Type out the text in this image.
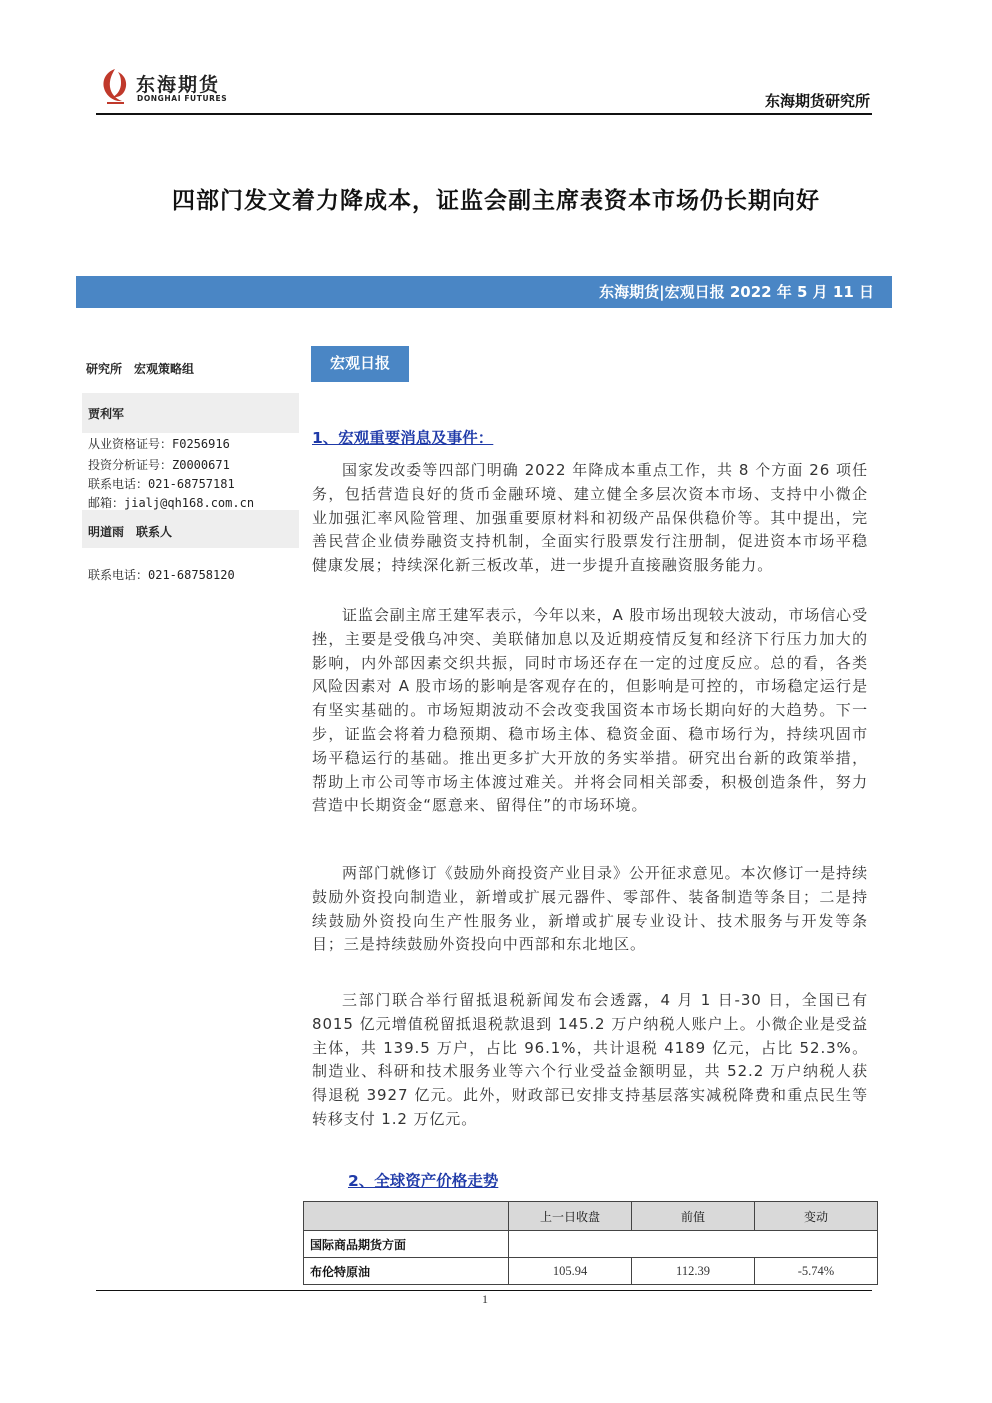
东海期货
DONGHAI FUTURES	东海期货研究所
四部门发文着力降成本，证监会副主席表资本市场仍长期向好
东海期货|宏观日报 2022 年 5 月 11 日
研究所　宏观策略组
贾利军
从业资格证号：F0256916
投资分析证号：Z0000671
联系电话：021-68757181
邮箱：jialj@qh168.com.cn
明道雨　联系人
联系电话：021-68758120
宏观日报
1、宏观重要消息及事件：

国家发改委等四部门明确 2022 年降成本重点工作，共 8 个方面 26 项任务，包括营造良好的货币金融环境、建立健全多层次资本市场、支持中小微企业加强汇率风险管理、加强重要原材料和初级产品保供稳价等。其中提出，完善民营企业债券融资支持机制，全面实行股票发行注册制，促进资本市场平稳健康发展；持续深化新三板改革，进一步提升直接融资服务能力。

证监会副主席王建军表示，今年以来，A 股市场出现较大波动，市场信心受挫，主要是受俄乌冲突、美联储加息以及近期疫情反复和经济下行压力加大的影响，内外部因素交织共振，同时市场还存在一定的过度反应。总的看，各类风险因素对 A 股市场的影响是客观存在的，但影响是可控的，市场稳定运行是有坚实基础的。市场短期波动不会改变我国资本市场长期向好的大趋势。下一步，证监会将着力稳预期、稳市场主体、稳资金面、稳市场行为，持续巩固市场平稳运行的基础。推出更多扩大开放的务实举措。研究出台新的政策举措，帮助上市公司等市场主体渡过难关。并将会同相关部委，积极创造条件，努力营造中长期资金“愿意来、留得住”的市场环境。

两部门就修订《鼓励外商投资产业目录》公开征求意见。本次修订一是持续鼓励外资投向制造业，新增或扩展元器件、零部件、装备制造等条目；二是持续鼓励外资投向生产性服务业，新增或扩展专业设计、技术服务与开发等条目；三是持续鼓励外资投向中西部和东北地区。

三部门联合举行留抵退税新闻发布会透露，4 月 1 日-30 日，全国已有 8015 亿元增值税留抵退税款退到 145.2 万户纳税人账户上。小微企业是受益主体，共 139.5 万户，占比 96.1%，共计退税 4189 亿元，占比 52.3%。制造业、科研和技术服务业等六个行业受益金额明显，共 52.2 万户纳税人获得退税 3927 亿元。此外，财政部已安排支持基层落实减税降费和重点民生等转移支付 1.2 万亿元。

2、全球资产价格走势
	上一日收盘	前值	变动
国际商品期货方面			
布伦特原油	105.94	112.39	-5.74%
1
